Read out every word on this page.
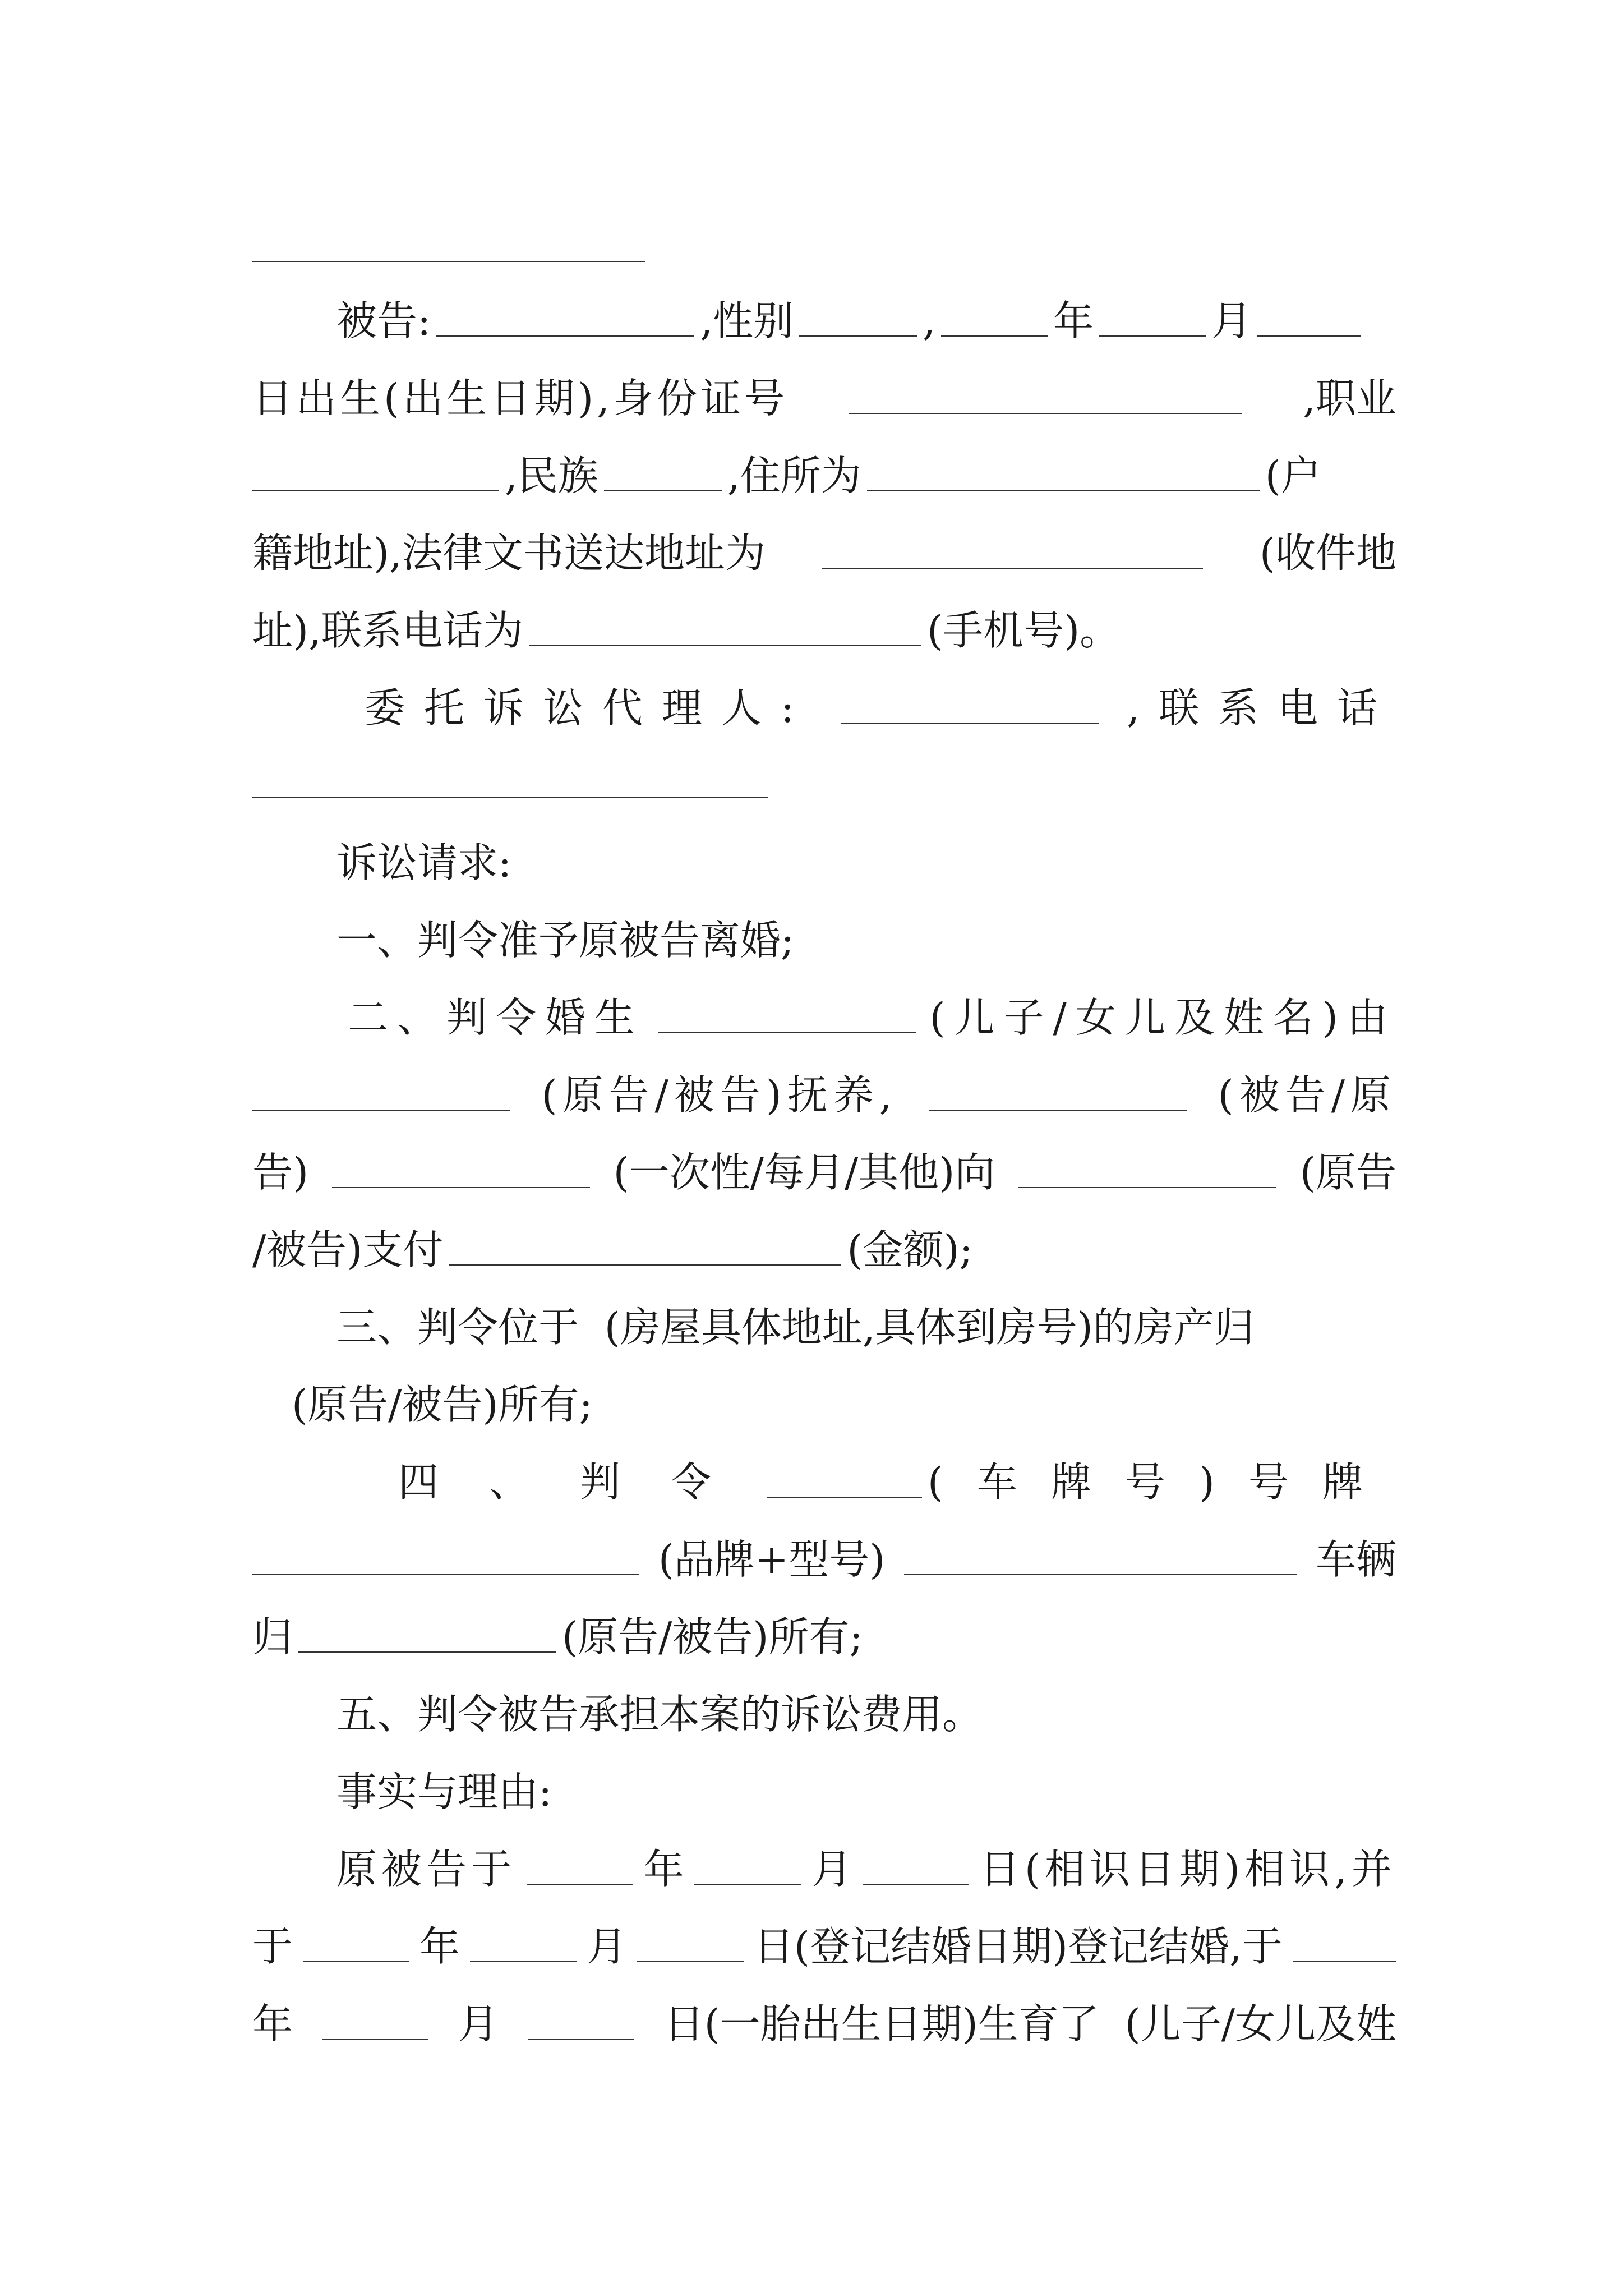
被告:	,性别	,	年	月
日出生(出生日期),身份证号	,职业
,民族	,住所为	(户
籍地址),法律文书送达地址为	(收件地
址),联系电话为	(手机号)。
委托诉讼代理人:	,联系电话
诉讼请求:
一、判令准予原被告离婚;
二、判令婚生	(儿子/女儿及姓名)由
(原告/被告)抚养,	(被告/原
告)	(一次性/每月/其他)向	(原告
/被告)支付	(金额);
三、判令位于  (房屋具体地址,具体到房号)的房产归
(原告/被告)所有;
四、判令	(车牌号)号牌
(品牌+型号)	车辆
归	(原告/被告)所有;
五、判令被告承担本案的诉讼费用。
事实与理由:
原被告于	年	月	日(相识日期)相识,并
于	年	月	日(登记结婚日期)登记结婚,于
年	月	日(一胎出生日期)生育了  (儿子/女儿及姓
